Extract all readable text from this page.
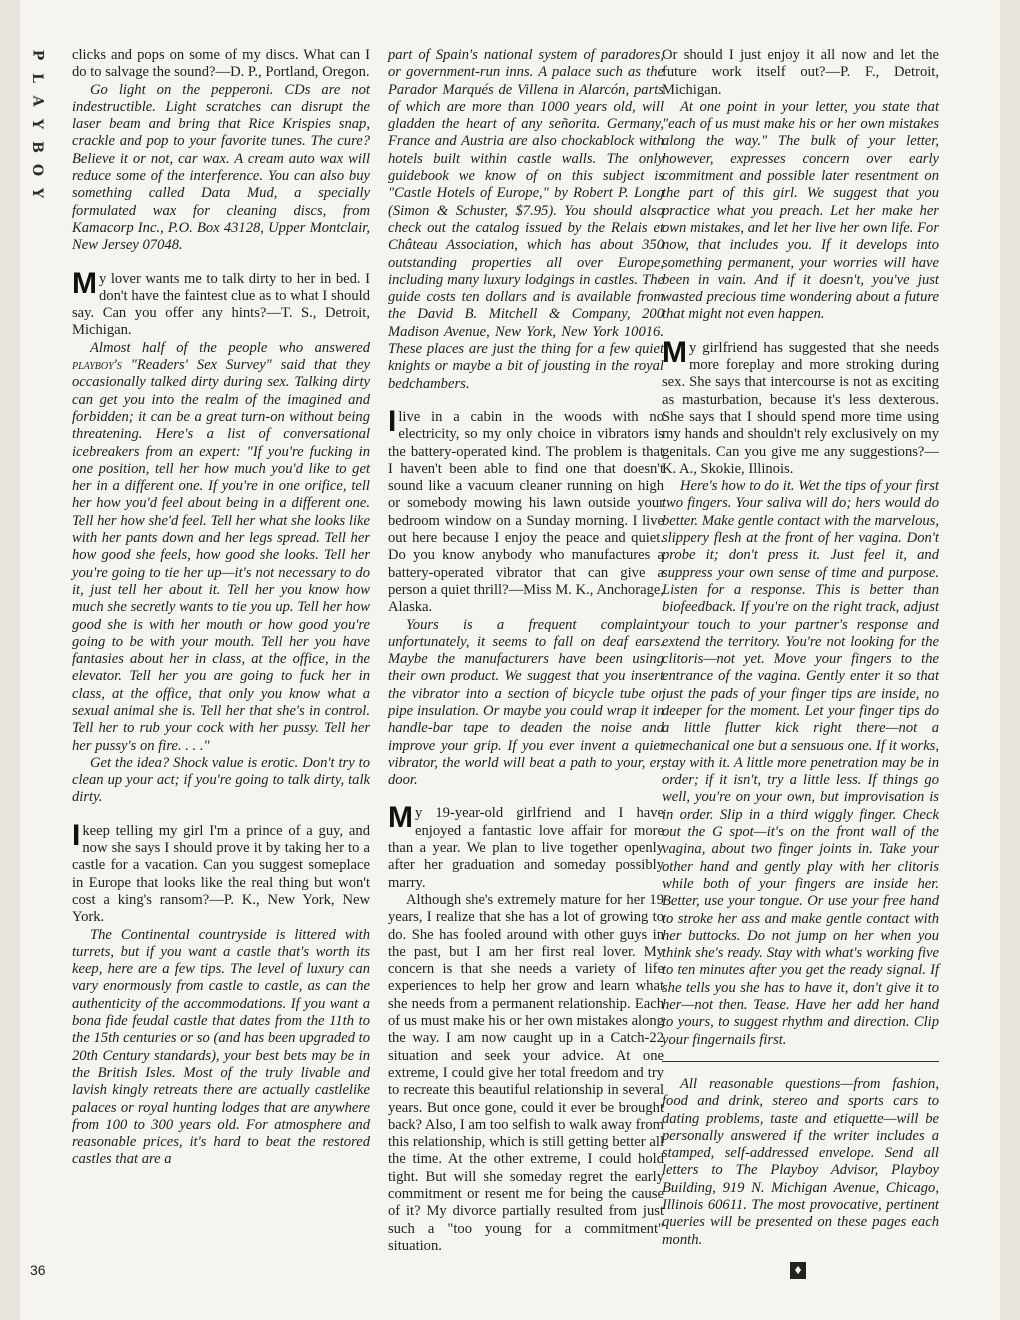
P
L
A
Y
B
O
Y

clicks and pops on some of my discs. What can I do to salvage the sound?—D. P., Portland, Oregon.

Go light on the pepperoni. CDs are not indestructible. Light scratches can disrupt the laser beam and bring that Rice Krispies snap, crackle and pop to your favorite tunes. The cure? Believe it or not, car wax. A cream auto wax will reduce some of the interference. You can also buy something called Data Mud, a specially formulated wax for cleaning discs, from Kamacorp Inc., P.O. Box 43128, Upper Montclair, New Jersey 07048.

My lover wants me to talk dirty to her in bed. I don't have the faintest clue as to what I should say. Can you offer any hints?—T. S., Detroit, Michigan.

Almost half of the people who answered playboy's "Readers' Sex Survey" said that they occasionally talked dirty during sex. Talking dirty can get you into the realm of the imagined and forbidden; it can be a great turn-on without being threatening. Here's a list of conversational icebreakers from an expert: "If you're fucking in one position, tell her how much you'd like to get her in a different one. If you're in one orifice, tell her how you'd feel about being in a different one. Tell her how she'd feel. Tell her what she looks like with her pants down and her legs spread. Tell her how good she feels, how good she looks. Tell her you're going to tie her up—it's not necessary to do it, just tell her about it. Tell her you know how much she secretly wants to tie you up. Tell her how good she is with her mouth or how good you're going to be with your mouth. Tell her you have fantasies about her in class, at the office, in the elevator. Tell her you are going to fuck her in class, at the office, that only you know what a sexual animal she is. Tell her that she's in control. Tell her to rub your cock with her pussy. Tell her her pussy's on fire. . . ."

Get the idea? Shock value is erotic. Don't try to clean up your act; if you're going to talk dirty, talk dirty.

I keep telling my girl I'm a prince of a guy, and now she says I should prove it by taking her to a castle for a vacation. Can you suggest someplace in Europe that looks like the real thing but won't cost a king's ransom?—P. K., New York, New York.

The Continental countryside is littered with turrets, but if you want a castle that's worth its keep, here are a few tips. The level of luxury can vary enormously from castle to castle, as can the authenticity of the accommodations. If you want a bona fide feudal castle that dates from the 11th to the 15th centuries or so (and has been upgraded to 20th Century standards), your best bets may be in the British Isles. Most of the truly livable and lavish kingly retreats there are actually castlelike palaces or royal hunting lodges that are anywhere from 100 to 300 years old. For atmosphere and reasonable prices, it's hard to beat the restored castles that are a

part of Spain's national system of paradores, or government-run inns. A palace such as the Parador Marqués de Villena in Alarcón, parts of which are more than 1000 years old, will gladden the heart of any señorita. Germany, France and Austria are also chockablock with hotels built within castle walls. The only guidebook we know of on this subject is "Castle Hotels of Europe," by Robert P. Long (Simon & Schuster, $7.95). You should also check out the catalog issued by the Relais et Château Association, which has about 350 outstanding properties all over Europe, including many luxury lodgings in castles. The guide costs ten dollars and is available from the David B. Mitchell & Company, 200 Madison Avenue, New York, New York 10016. These places are just the thing for a few quiet knights or maybe a bit of jousting in the royal bedchambers.

I live in a cabin in the woods with no electricity, so my only choice in vibrators is the battery-operated kind. The problem is that I haven't been able to find one that doesn't sound like a vacuum cleaner running on high or somebody mowing his lawn outside your bedroom window on a Sunday morning. I live out here because I enjoy the peace and quiet. Do you know anybody who manufactures a battery-operated vibrator that can give a person a quiet thrill?—Miss M. K., Anchorage, Alaska.

Yours is a frequent complaint; unfortunately, it seems to fall on deaf ears. Maybe the manufacturers have been using their own product. We suggest that you insert the vibrator into a section of bicycle tube or pipe insulation. Or maybe you could wrap it in handle-bar tape to deaden the noise and improve your grip. If you ever invent a quiet vibrator, the world will beat a path to your, er, door.

My 19-year-old girlfriend and I have enjoyed a fantastic love affair for more than a year. We plan to live together openly after her graduation and someday possibly marry.

Although she's extremely mature for her 19 years, I realize that she has a lot of growing to do. She has fooled around with other guys in the past, but I am her first real lover. My concern is that she needs a variety of life experiences to help her grow and learn what she needs from a permanent relationship. Each of us must make his or her own mistakes along the way. I am now caught up in a Catch-22 situation and seek your advice. At one extreme, I could give her total freedom and try to recreate this beautiful relationship in several years. But once gone, could it ever be brought back? Also, I am too selfish to walk away from this relationship, which is still getting better all the time. At the other extreme, I could hold tight. But will she someday regret the early commitment or resent me for being the cause of it? My divorce partially resulted from just such a "too young for a commitment" situation.

Or should I just enjoy it all now and let the future work itself out?—P. F., Detroit, Michigan.

At one point in your letter, you state that "each of us must make his or her own mistakes along the way." The bulk of your letter, however, expresses concern over early commitment and possible later resentment on the part of this girl. We suggest that you practice what you preach. Let her make her own mistakes, and let her live her own life. For now, that includes you. If it develops into something permanent, your worries will have been in vain. And if it doesn't, you've just wasted precious time wondering about a future that might not even happen.

My girlfriend has suggested that she needs more foreplay and more stroking during sex. She says that intercourse is not as exciting as masturbation, because it's less dexterous. She says that I should spend more time using my hands and shouldn't rely exclusively on my genitals. Can you give me any suggestions?—K. A., Skokie, Illinois.

Here's how to do it. Wet the tips of your first two fingers. Your saliva will do; hers would do better. Make gentle contact with the marvelous, slippery flesh at the front of her vagina. Don't probe it; don't press it. Just feel it, and suppress your own sense of time and purpose. Listen for a response. This is better than biofeedback. If you're on the right track, adjust your touch to your partner's response and extend the territory. You're not looking for the clitoris—not yet. Move your fingers to the entrance of the vagina. Gently enter it so that just the pads of your finger tips are inside, no deeper for the moment. Let your finger tips do a little flutter kick right there—not a mechanical one but a sensuous one. If it works, stay with it. A little more penetration may be in order; if it isn't, try a little less. If things go well, you're on your own, but improvisation is in order. Slip in a third wiggly finger. Check out the G spot—it's on the front wall of the vagina, about two finger joints in. Take your other hand and gently play with her clitoris while both of your fingers are inside her. Better, use your tongue. Or use your free hand to stroke her ass and make gentle contact with her buttocks. Do not jump on her when you think she's ready. Stay with what's working five to ten minutes after you get the ready signal. If she tells you she has to have it, don't give it to her—not then. Tease. Have her add her hand to yours, to suggest rhythm and direction. Clip your fingernails first.

All reasonable questions—from fashion, food and drink, stereo and sports cars to dating problems, taste and etiquette—will be personally answered if the writer includes a stamped, self-addressed envelope. Send all letters to The Playboy Advisor, Playboy Building, 919 N. Michigan Avenue, Chicago, Illinois 60611. The most provocative, pertinent queries will be presented on these pages each month.

36	♦
